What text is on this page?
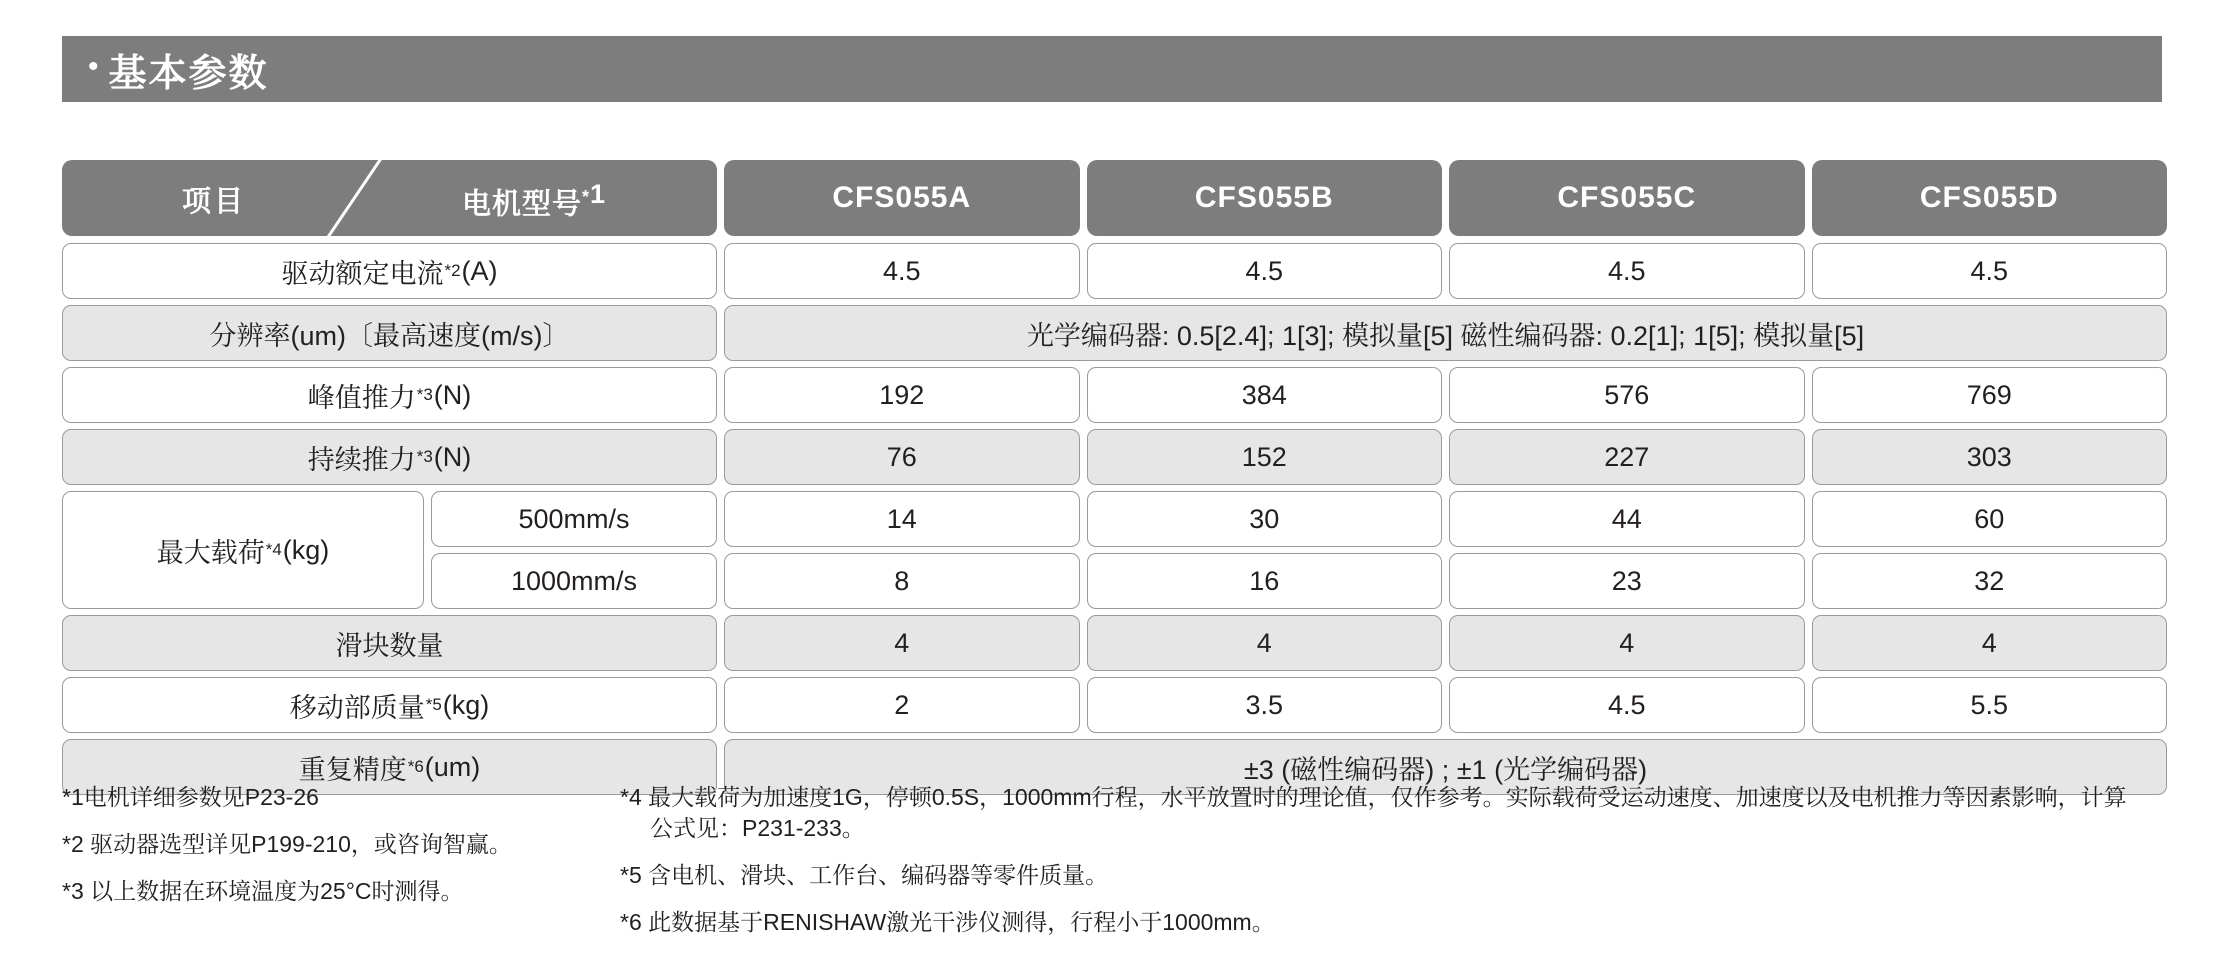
• 基本参数
项目	电机型号$^{*1}$	CFS055A	CFS055B	CFS055C	CFS055D
驱动额定电流 *2 (A)	4.5	4.5	4.5	4.5
分辨率(um)〔最高速度(m/s)〕	光学编码器: 0.5[2.4]; 1[3]; 模拟量[5] 磁性编码器: 0.2[1]; 1[5]; 模拟量[5]
峰值推力 *3 (N)	192	384	576	769
持续推力 *3 (N)	76	152	227	303
最大载荷 *4 (kg)
500mm/s	14	30	44	60
1000mm/s	8	16	23	32
滑块数量	4	4	4	4
移动部质量 *5 (kg)	2	3.5	4.5	5.5
重复精度 *6 (um)	±3 (磁性编码器) ; ±1 (光学编码器)
*1电机详细参数见P23-26
*2 驱动器选型详见P199-210，或咨询智赢。
*3 以上数据在环境温度为25°C时测得。
*4 最大载荷为加速度1G，停顿0.5S，1000mm行程，水平放置时的理论值，仅作参考。实际载荷受运动速度、加速度以及电机推力等因素影响，计算
公式见：P231-233。
*5 含电机、滑块、工作台、编码器等零件质量。
*6 此数据基于RENISHAW激光干涉仪测得，行程小于1000mm。
